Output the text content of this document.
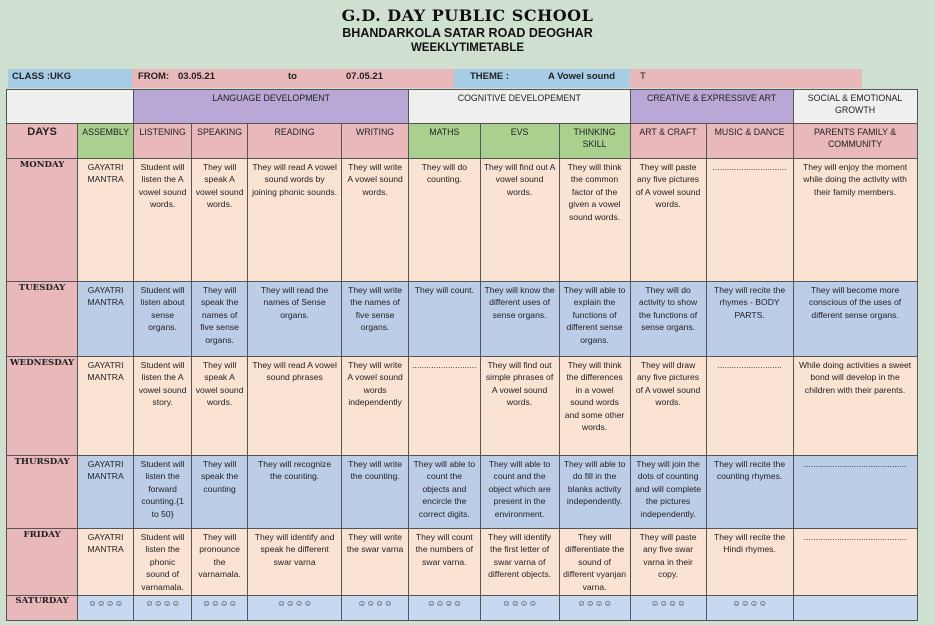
G.D. DAY PUBLIC SCHOOL
BHANDARKOLA SATAR ROAD DEOGHAR
WEEKLYTIMETABLE
CLASS :UKG	FROM: 03.05.21	to	07.05.21	THEME :	A Vowel sound	T
		LANGUAGE DEVELOPMENT				COGNITIVE DEVELOPEMENT			CREATIVE & EXPRESSIVE ART		SOCIAL & EMOTIONAL GROWTH
DAYS	ASSEMBLY	LISTENING	SPEAKING	READING	WRITING	MATHS	EVS	THINKING SKILL	ART & CRAFT	MUSIC & DANCE	PARENTS FAMILY & COMMUNITY
MONDAY	GAYATRI MANTRA	Student will listen the A vowel sound words.	They will speak A vowel sound words.	They will read A vowel sound words by joining phonic sounds.	They will write A vowel sound words.	They will do counting.	They will find out A vowel sound words.	They will think the common factor of the given a vowel sound words.	They will paste any five pictures of A vowel sound words.	...............................	They will enjoy the moment while doing the activity with their family members.
TUESDAY	GAYATRI MANTRA	Student will listen about sense organs.	They will speak the names of five sense organs.	They will read the names of Sense organs.	They will write the names of five sense organs.	They will count.	They will know the different uses of sense organs.	They will able to explain the functions of different sense organs.	They will do activity to show the functions of sense organs.	They will recite the rhymes - BODY PARTS.	They will become more conscious of the uses of different sense organs.
WEDNESDAY	GAYATRI MANTRA	Student will listen the A vowel sound story.	They will speak A vowel sound words.	They will read A vowel sound phrases	They will write A vowel sound words independently	...........................	They will find out simple phrases of A vowel sound words.	They will think the differences in a vowel sound words and some other words.	They will draw any five pictures of A vowel sound words.	...........................	While doing activities a sweet bond will develop in the children with their parents.
THURSDAY	GAYATRI MANTRA	Student will listen the forward counting.{1 to 50}	They will speak the counting	They will recognize the counting.	They will write the counting.	They will able to count the objects and encircle the correct digits.	They will able to count and the object which are present in the environment.	They will able to do fill in the blanks activity independently.	They will join the dots of counting and will complete the pictures independently.	They will recite the counting rhymes.	...........................................
FRIDAY	GAYATRI MANTRA	Student will listen the phonic sound of varnamala.	They will pronounce the varnamala.	They will identify and speak he different swar varna	They will write the swar varna	They will count the numbers of swar varna.	They will identify the first letter of swar varna of different objects.	They will differentiate the sound of different vyanjan varna.	They will paste any five swar varna in their copy.	They will recite the Hindi rhymes.	...........................................
SATURDAY	☺☺☺☺	☺☺☺☺	☺☺☺☺	☺☺☺☺	☺☺☺☺	☺☺☺☺	☺☺☺☺	☺☺☺☺	☺☺☺☺	☺☺☺☺	
